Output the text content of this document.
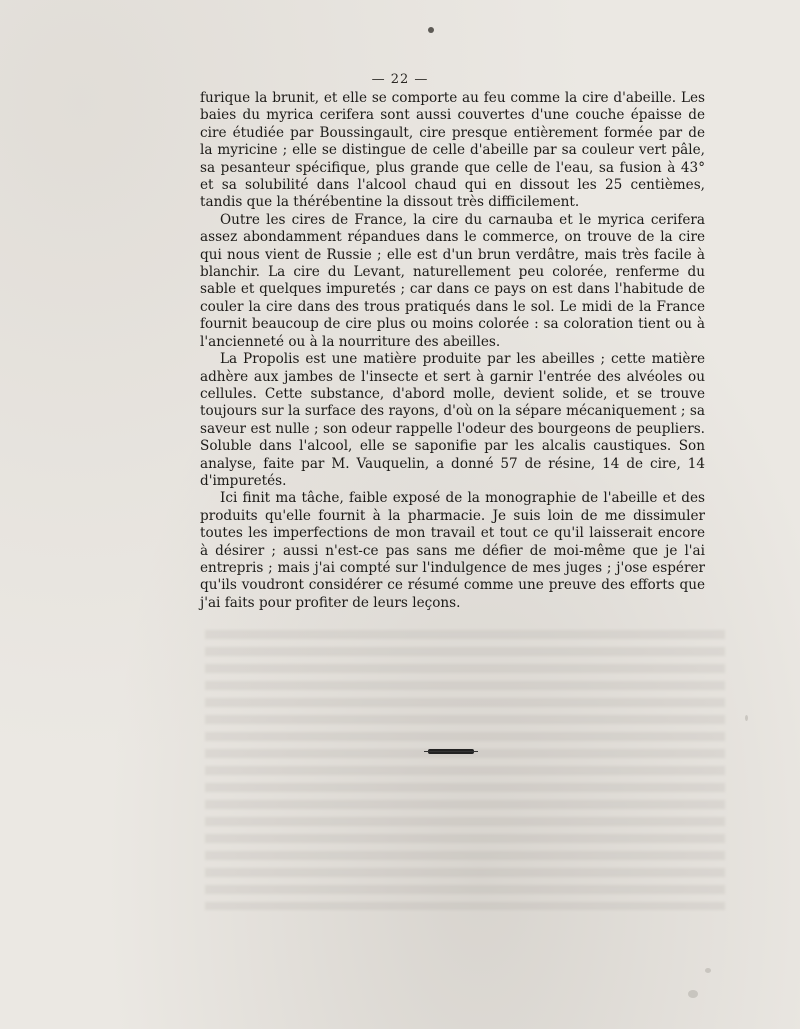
— 22 —

furique la brunit, et elle se comporte au feu comme la cire d'abeille. Les baies du myrica cerifera sont aussi couvertes d'une couche épaisse de cire étudiée par Boussingault, cire presque entièrement formée par de la myricine ; elle se distingue de celle d'abeille par sa couleur vert pâle, sa pesanteur spécifique, plus grande que celle de l'eau, sa fusion à 43° et sa solubilité dans l'alcool chaud qui en dissout les 25 centièmes, tandis que la thérébentine la dissout très difficilement.

Outre les cires de France, la cire du carnauba et le myrica cerifera assez abondamment répandues dans le commerce, on trouve de la cire qui nous vient de Russie ; elle est d'un brun verdâtre, mais très facile à blanchir. La cire du Levant, naturellement peu colorée, renferme du sable et quelques impuretés ; car dans ce pays on est dans l'habitude de couler la cire dans des trous pratiqués dans le sol. Le midi de la France fournit beaucoup de cire plus ou moins colorée : sa coloration tient ou à l'ancienneté ou à la nourriture des abeilles.

La Propolis est une matière produite par les abeilles ; cette matière adhère aux jambes de l'insecte et sert à garnir l'entrée des alvéoles ou cellules. Cette substance, d'abord molle, devient solide, et se trouve toujours sur la surface des rayons, d'où on la sépare mécaniquement ; sa saveur est nulle ; son odeur rappelle l'odeur des bourgeons de peupliers. Soluble dans l'alcool, elle se saponifie par les alcalis caustiques. Son analyse, faite par M. Vauquelin, a donné 57 de résine, 14 de cire, 14 d'impuretés.

Ici finit ma tâche, faible exposé de la monographie de l'abeille et des produits qu'elle fournit à la pharmacie. Je suis loin de me dissimuler toutes les imperfections de mon travail et tout ce qu'il laisserait encore à désirer ; aussi n'est-ce pas sans me défier de moi-même que je l'ai entrepris ; mais j'ai compté sur l'indulgence de mes juges ; j'ose espérer qu'ils voudront considérer ce résumé comme une preuve des efforts que j'ai faits pour profiter de leurs leçons.
